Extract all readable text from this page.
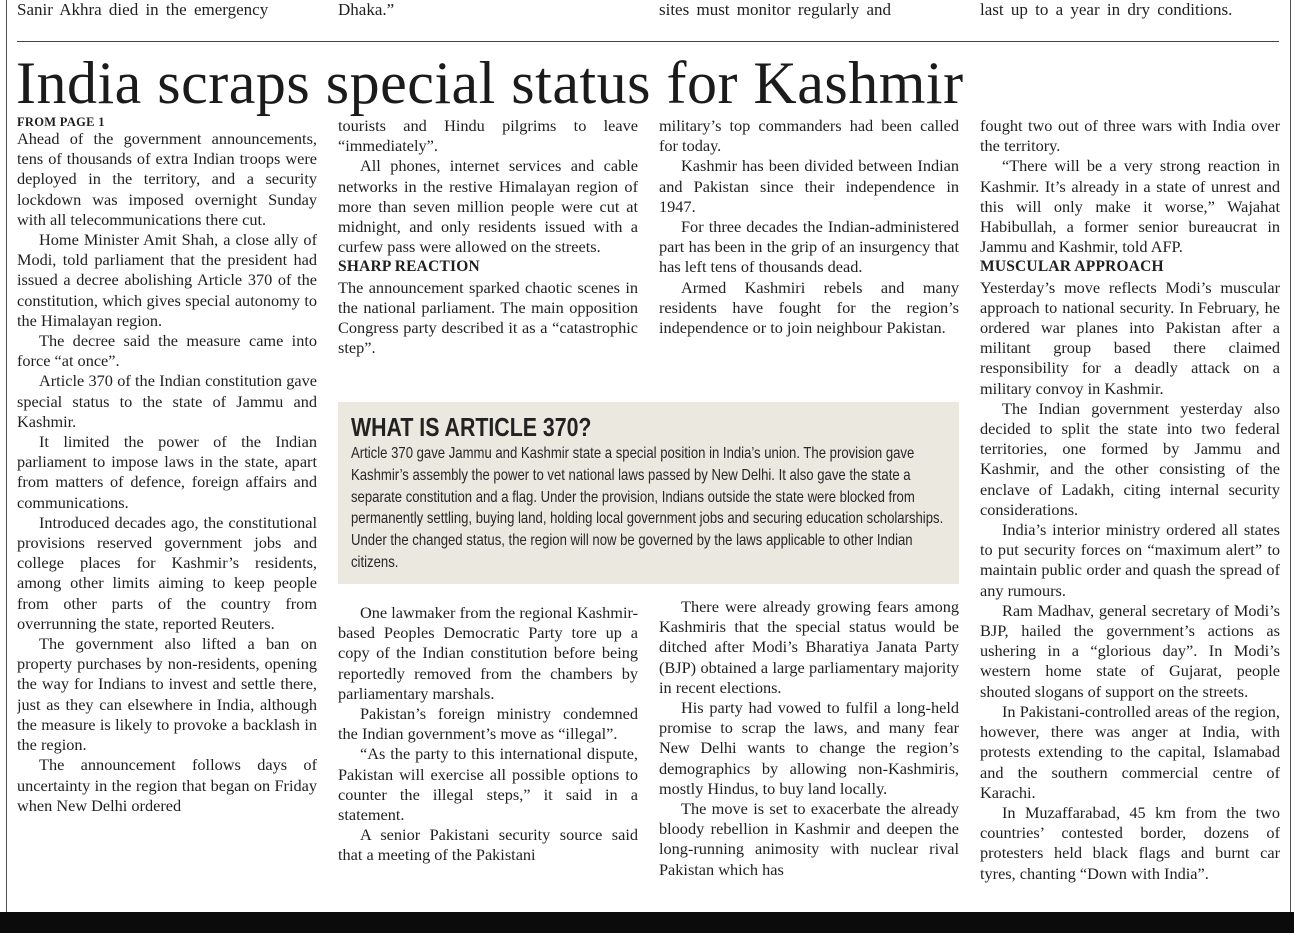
Sanir Akhra died in the emergency	Dhaka.”	sites must monitor regularly and	last up to a year in dry conditions.
India scraps special status for Kashmir

FROM PAGE 1

Ahead of the government announcements, tens of thousands of extra Indian troops were deployed in the territory, and a security lockdown was imposed overnight Sunday with all telecommunications there cut.

Home Minister Amit Shah, a close ally of Modi, told parliament that the president had issued a decree abolishing Article 370 of the constitution, which gives special autonomy to the Himalayan region.

The decree said the measure came into force “at once”.

Article 370 of the Indian constitution gave special status to the state of Jammu and Kashmir.

It limited the power of the Indian parliament to impose laws in the state, apart from matters of defence, foreign affairs and communications.

Introduced decades ago, the constitutional provisions reserved government jobs and college places for Kashmir’s residents, among other limits aiming to keep people from other parts of the country from overrunning the state, reported Reuters.

The government also lifted a ban on property purchases by non-residents, opening the way for Indians to invest and settle there, just as they can elsewhere in India, although the measure is likely to provoke a backlash in the region.

The announcement follows days of uncertainty in the region that began on Friday when New Delhi ordered

tourists and Hindu pilgrims to leave “immediately”.

All phones, internet services and cable networks in the restive Himalayan region of more than seven million people were cut at midnight, and only residents issued with a curfew pass were allowed on the streets.

SHARP REACTION

The announcement sparked chaotic scenes in the national parliament. The main opposition Congress party described it as a “catastrophic step”.

military’s top commanders had been called for today.

Kashmir has been divided between Indian and Pakistan since their independence in 1947.

For three decades the Indian-administered part has been in the grip of an insurgency that has left tens of thousands dead.

Armed Kashmiri rebels and many residents have fought for the region’s independence or to join neighbour Pakistan.

WHAT IS ARTICLE 370?

Article 370 gave Jammu and Kashmir state a special position in India’s union. The provision gave Kashmir’s assembly the power to vet national laws passed by New Delhi. It also gave the state a separate constitution and a flag. Under the provision, Indians outside the state were blocked from permanently settling, buying land, holding local government jobs and securing education scholarships. Under the changed status, the region will now be governed by the laws applicable to other Indian citizens.

One lawmaker from the regional Kashmir-based Peoples Democratic Party tore up a copy of the Indian constitution before being reportedly removed from the chambers by parliamentary marshals.

Pakistan’s foreign ministry condemned the Indian government’s move as “illegal”.

“As the party to this international dispute, Pakistan will exercise all possible options to counter the illegal steps,” it said in a statement.

A senior Pakistani security source said that a meeting of the Pakistani

There were already growing fears among Kashmiris that the special status would be ditched after Modi’s Bharatiya Janata Party (BJP) obtained a large parliamentary majority in recent elections.

His party had vowed to fulfil a long-held promise to scrap the laws, and many fear New Delhi wants to change the region’s demographics by allowing non-Kashmiris, mostly Hindus, to buy land locally.

The move is set to exacerbate the already bloody rebellion in Kashmir and deepen the long-running animosity with nuclear rival Pakistan which has

fought two out of three wars with India over the territory.

“There will be a very strong reaction in Kashmir. It’s already in a state of unrest and this will only make it worse,” Wajahat Habibullah, a former senior bureaucrat in Jammu and Kashmir, told AFP.

MUSCULAR APPROACH

Yesterday’s move reflects Modi’s muscular approach to national security. In February, he ordered war planes into Pakistan after a militant group based there claimed responsibility for a deadly attack on a military convoy in Kashmir.

The Indian government yesterday also decided to split the state into two federal territories, one formed by Jammu and Kashmir, and the other consisting of the enclave of Ladakh, citing internal security considerations.

India’s interior ministry ordered all states to put security forces on “maximum alert” to maintain public order and quash the spread of any rumours.

Ram Madhav, general secretary of Modi’s BJP, hailed the government’s actions as ushering in a “glorious day”. In Modi’s western home state of Gujarat, people shouted slogans of support on the streets.

In Pakistani-controlled areas of the region, however, there was anger at India, with protests extending to the capital, Islamabad and the southern commercial centre of Karachi.

In Muzaffarabad, 45 km from the two countries’ contested border, dozens of protesters held black flags and burnt car tyres, chanting “Down with India”.
